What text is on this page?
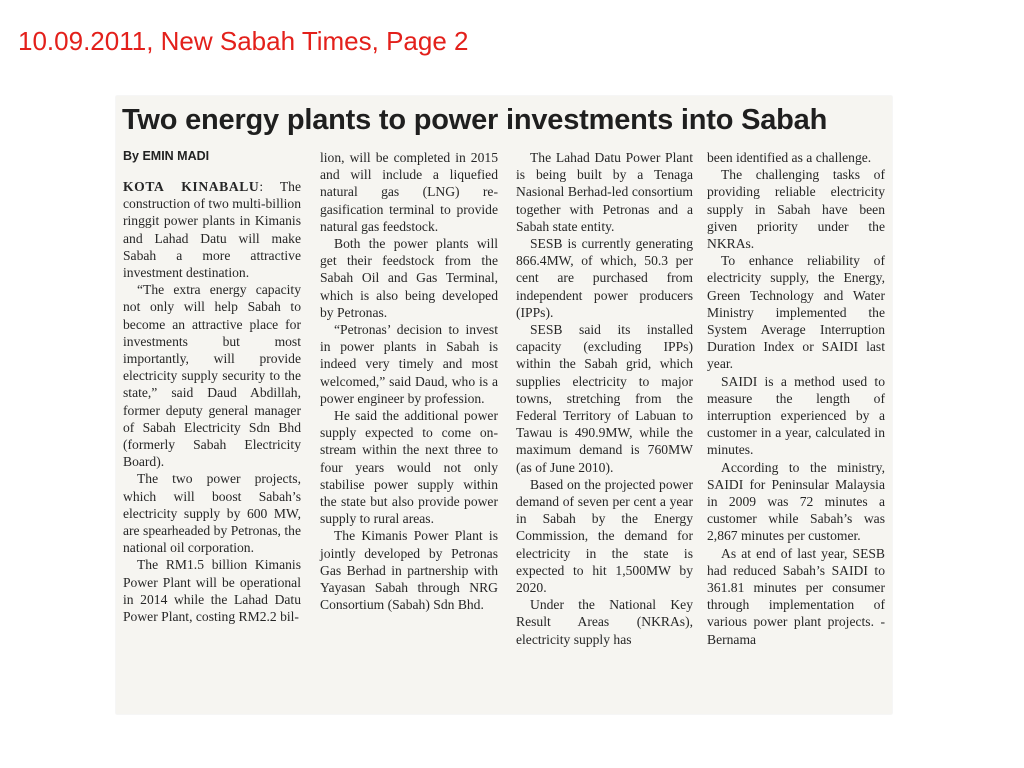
10.09.2011, New Sabah Times, Page 2
Two energy plants to power investments into Sabah
By EMIN MADI

KOTA KINABALU: The construction of two multi-billion ringgit power plants in Kimanis and Lahad Datu will make Sabah a more attractive investment destination.

“The extra energy capacity not only will help Sabah to become an attractive place for investments but most importantly, will provide electricity supply security to the state,” said Daud Abdillah, former deputy general manager of Sabah Electricity Sdn Bhd (formerly Sabah Electricity Board).

The two power projects, which will boost Sabah’s electricity supply by 600 MW, are spearheaded by Petronas, the national oil corporation.

The RM1.5 billion Kimanis Power Plant will be operational in 2014 while the Lahad Datu Power Plant, costing RM2.2 bil-

lion, will be completed in 2015 and will include a liquefied natural gas (LNG) re-gasification terminal to provide natural gas feedstock.

Both the power plants will get their feedstock from the Sabah Oil and Gas Terminal, which is also being developed by Petronas.

“Petronas’ decision to invest in power plants in Sabah is indeed very timely and most welcomed,” said Daud, who is a power engineer by profession.

He said the additional power supply expected to come on-stream within the next three to four years would not only stabilise power supply within the state but also provide power supply to rural areas.

The Kimanis Power Plant is jointly developed by Petronas Gas Berhad in partnership with Yayasan Sabah through NRG Consortium (Sabah) Sdn Bhd.

The Lahad Datu Power Plant is being built by a Tenaga Nasional Berhad-led consortium together with Petronas and a Sabah state entity.

SESB is currently generating 866.4MW, of which, 50.3 per cent are purchased from independent power producers (IPPs).

SESB said its installed capacity (excluding IPPs) within the Sabah grid, which supplies electricity to major towns, stretching from the Federal Territory of Labuan to Tawau is 490.9MW, while the maximum demand is 760MW (as of June 2010).

Based on the projected power demand of seven per cent a year in Sabah by the Energy Commission, the demand for electricity in the state is expected to hit 1,500MW by 2020.

Under the National Key Result Areas (NKRAs), electricity supply has

been identified as a challenge.

The challenging tasks of providing reliable electricity supply in Sabah have been given priority under the NKRAs.

To enhance reliability of electricity supply, the Energy, Green Technology and Water Ministry implemented the System Average Interruption Duration Index or SAIDI last year.

SAIDI is a method used to measure the length of interruption experienced by a customer in a year, calculated in minutes.

According to the ministry, SAIDI for Peninsular Malaysia in 2009 was 72 minutes a customer while Sabah’s was 2,867 minutes per customer.

As at end of last year, SESB had reduced Sabah’s SAIDI to 361.81 minutes per consumer through implementation of various power plant projects. - Bernama
